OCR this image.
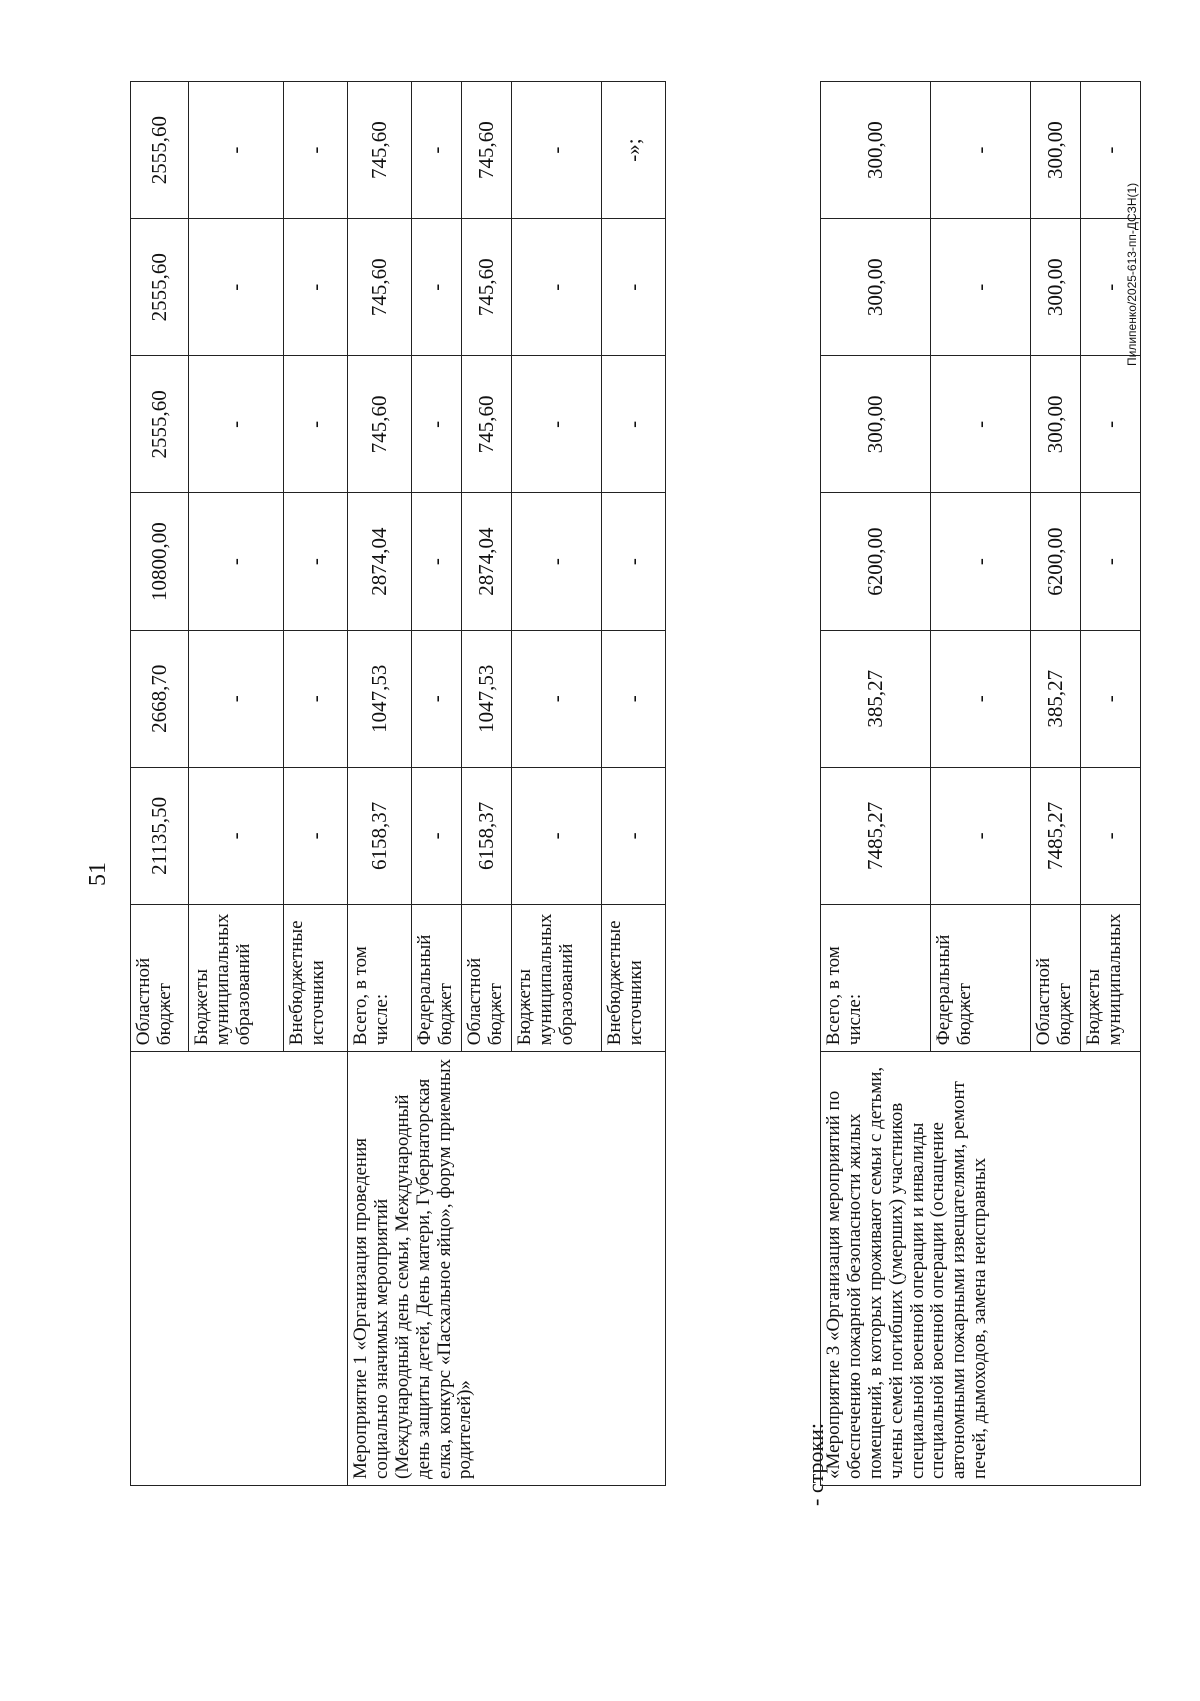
51
	Областной бюджет	21135,50	2668,70	10800,00	2555,60	2555,60	2555,60
	Бюджеты муниципальных образований	-	-	-	-	-	-
	Внебюджетные источники	-	-	-	-	-	-
Мероприятие 1 «Организация проведения социально значимых мероприятий (Международный день семьи, Международный день защиты детей, День матери, Губернаторская елка, конкурс «Пасхальное яйцо», форум приемных родителей)»	Всего, в том числе:	6158,37	1047,53	2874,04	745,60	745,60	745,60
	Федеральный бюджет	-	-	-	-	-	-
	Областной бюджет	6158,37	1047,53	2874,04	745,60	745,60	745,60
	Бюджеты муниципальных образований	-	-	-	-	-	-
	Внебюджетные источники	-	-	-	-	-	-»;
- строки:
«Мероприятие 3 «Организация мероприятий по обеспечению пожарной безопасности жилых помещений, в которых проживают семьи с детьми, члены семей погибших (умерших) участников специальной военной операции и инвалиды специальной военной операции (оснащение автономными пожарными извещателями, ремонт печей, дымоходов, замена неисправных	Всего, в том числе:	7485,27	385,27	6200,00	300,00	300,00	300,00
	Федеральный бюджет	-	-	-	-	-	-
	Областной бюджет	7485,27	385,27	6200,00	300,00	300,00	300,00
	Бюджеты муниципальных	-	-	-	-	-	-
Пилипенко/2025-613-пп-ДСЗН(1)
